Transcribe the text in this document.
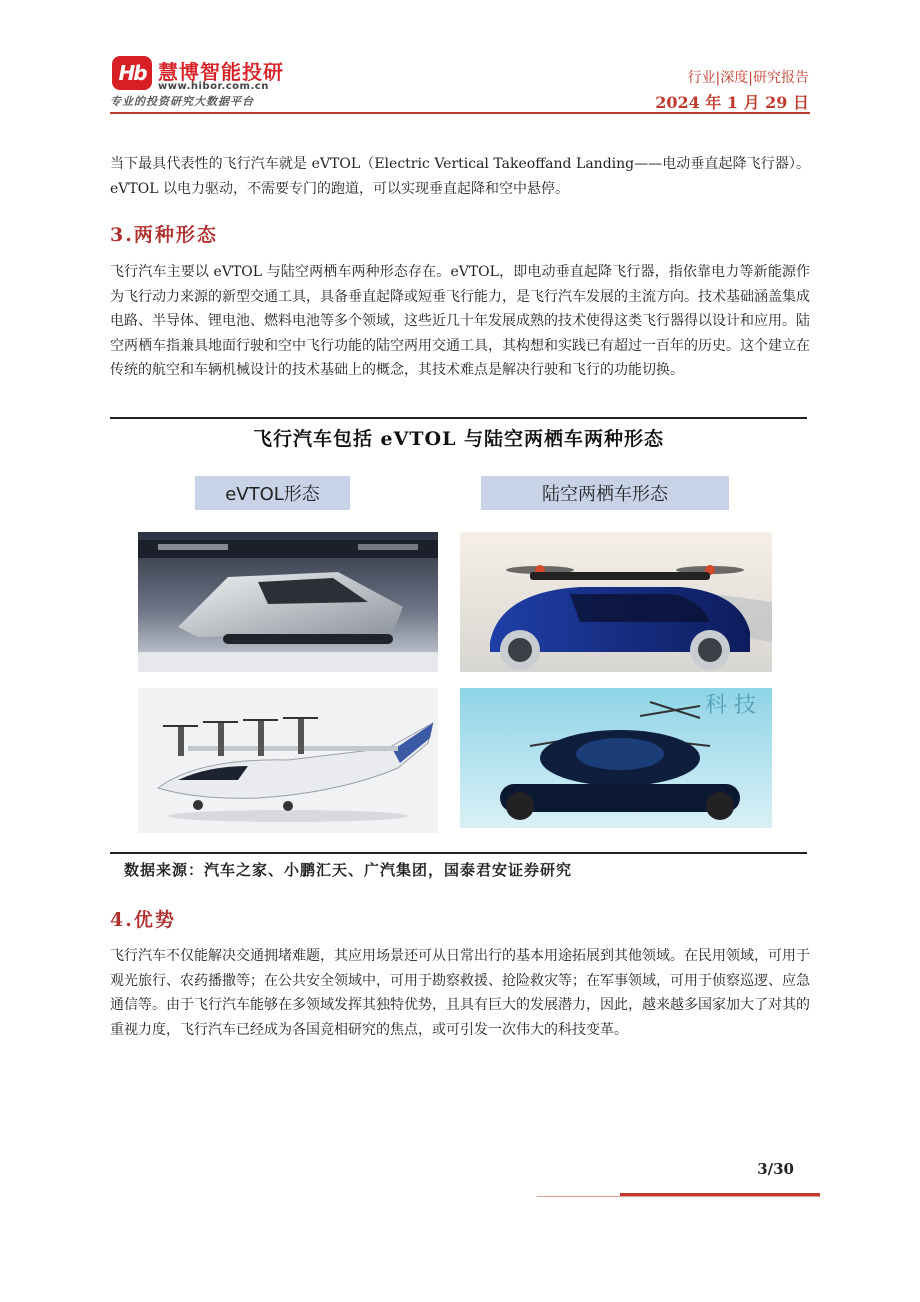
Hb 慧博智能投研
www.hibor.com.cn
专业的投资研究大数据平台
行业|深度|研究报告
2024 年 1 月 29 日
当下最具代表性的飞行汽车就是 eVTOL（Electric Vertical Takeoffand Landing——电动垂直起降飞行器）。eVTOL 以电力驱动，不需要专门的跑道，可以实现垂直起降和空中悬停。
3.两种形态
飞行汽车主要以 eVTOL 与陆空两栖车两种形态存在。eVTOL，即电动垂直起降飞行器，指依靠电力等新能源作为飞行动力来源的新型交通工具，具备垂直起降或短垂飞行能力，是飞行汽车发展的主流方向。技术基础涵盖集成电路、半导体、锂电池、燃料电池等多个领域，这些近几十年发展成熟的技术使得这类飞行器得以设计和应用。陆空两栖车指兼具地面行驶和空中飞行功能的陆空两用交通工具，其构想和实践已有超过一百年的历史。这个建立在传统的航空和车辆机械设计的技术基础上的概念，其技术难点是解决行驶和飞行的功能切换。
飞行汽车包括 eVTOL 与陆空两栖车两种形态
eVTOL形态	陆空两栖车形态
科 技
数据来源：汽车之家、小鹏汇天、广汽集团，国泰君安证券研究
4.优势
飞行汽车不仅能解决交通拥堵难题，其应用场景还可从日常出行的基本用途拓展到其他领域。在民用领域，可用于观光旅行、农药播撒等；在公共安全领域中，可用于勘察救援、抢险救灾等；在军事领域，可用于侦察巡逻、应急通信等。由于飞行汽车能够在多领域发挥其独特优势，且具有巨大的发展潜力，因此，越来越多国家加大了对其的重视力度，飞行汽车已经成为各国竞相研究的焦点，或可引发一次伟大的科技变革。
3/30
